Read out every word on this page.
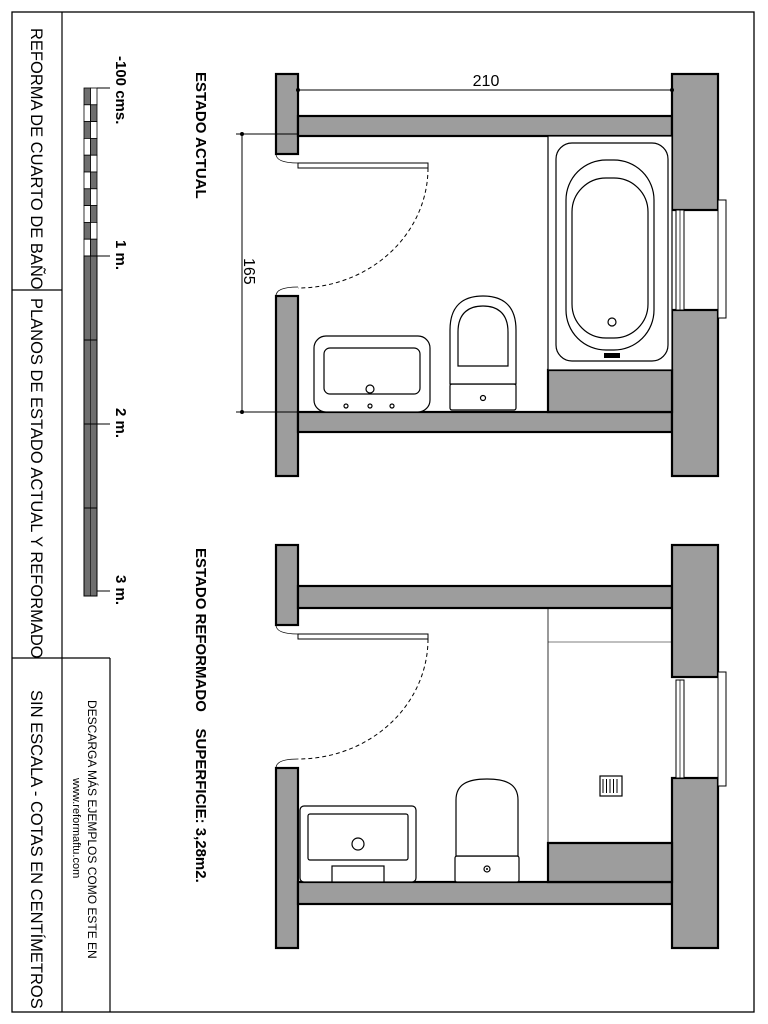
REFORMA DE CUARTO DE BAÑO
PLANOS DE ESTADO ACTUAL Y REFORMADO
SIN ESCALA - COTAS EN CENTÍMETROS	DESCARGA MÁS EJEMPLOS COMO ESTE EN
www.reformaftu.com
-100 cms.
1 m.
2 m.
3 m.
ESTADO ACTUAL	210
165
ESTADO REFORMADO    SUPERFICIE: 3,28m2.
